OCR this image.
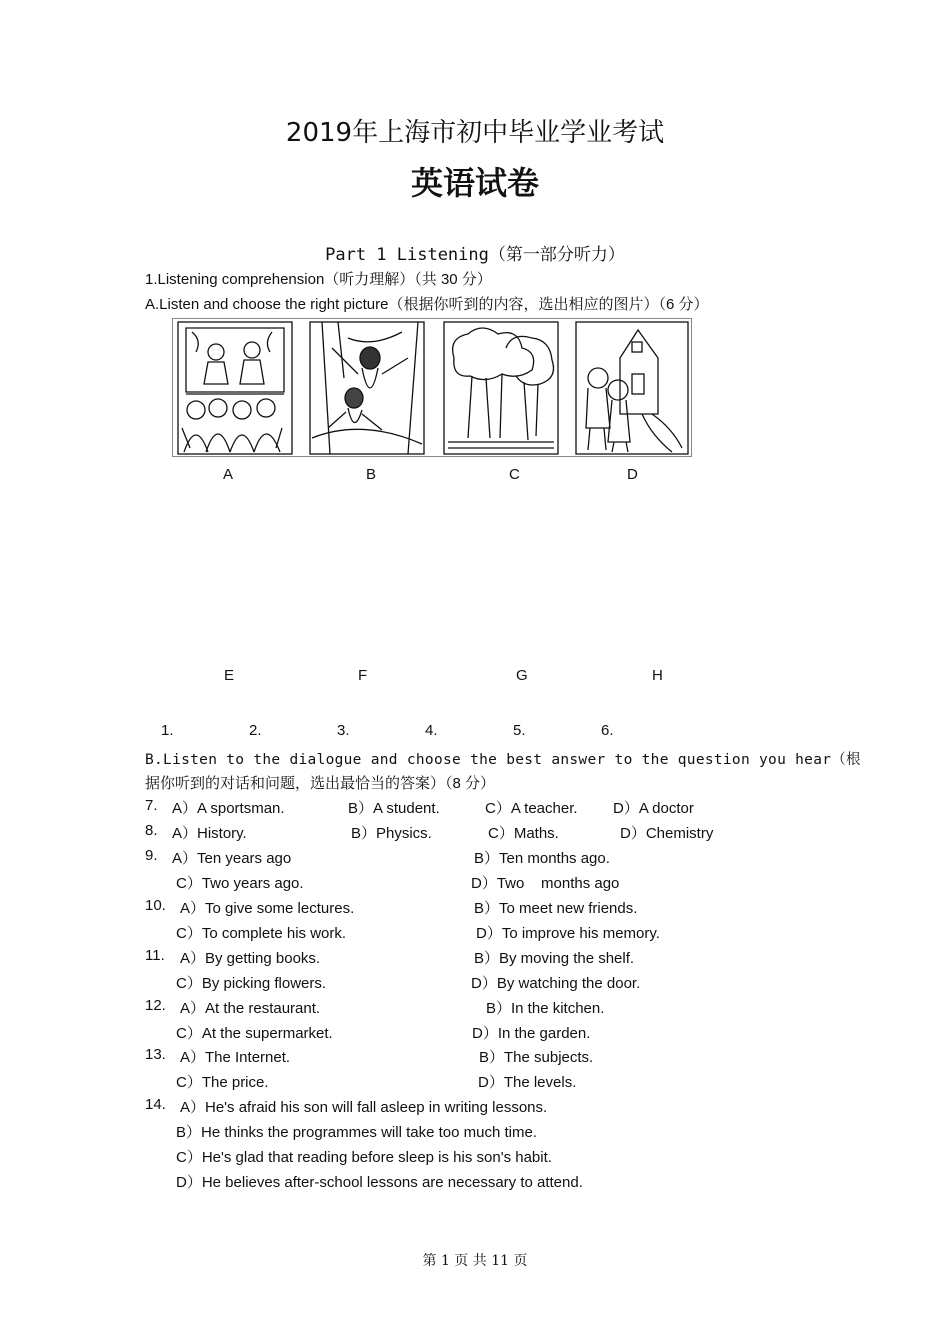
2019年上海市初中毕业学业考试
英语试卷
Part 1 Listening（第一部分听力）
1.Listening comprehension（听力理解）（共 30 分）
A.Listen and choose the right picture（根据你听到的内容，选出相应的图片）（6 分）
A	B	C	D
E	F	G	H
1.	2.	3.	4.	5.	6.
B.Listen to the dialogue and choose the best answer to the question you hear（根
据你听到的对话和问题，选出最恰当的答案）（8 分）
7. A）A sportsman.	B）A student.	C）A teacher. D）A doctor
8. A）History.	B）Physics.	C）Maths.	D）Chemistry
9. A）Ten years ago	B）Ten months ago.
C）Two years ago.	D）Two    months ago
10. A）To give some lectures.	B）To meet new friends.
C）To complete his work.	D）To improve his memory.
11. A）By getting books.	B）By moving the shelf.
C）By picking flowers.	D）By watching the door.
12. A）At the restaurant.	B）In the kitchen.
C）At the supermarket.	D）In the garden.
13. A）The Internet.	B）The subjects.
C）The price.	D）The levels.
14. A）He's afraid his son will fall asleep in writing lessons.
B）He thinks the programmes will take too much time.
C）He's glad that reading before sleep is his son's habit.
D）He believes after-school lessons are necessary to attend.
第 1 页 共 11 页
